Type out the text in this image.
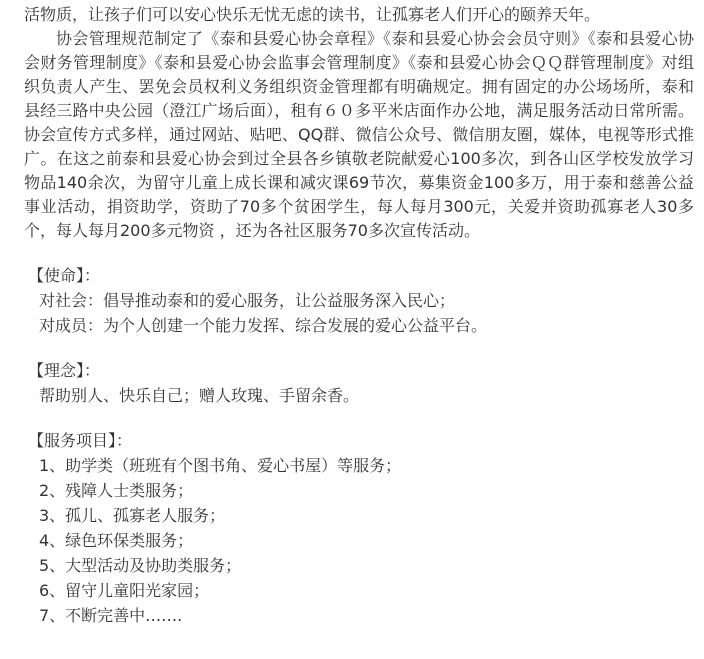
活物质，让孩子们可以安心快乐无忧无虑的读书，让孤寡老人们开心的颐养天年。

协会管理规范制定了《泰和县爱心协会章程》《泰和县爱心协会会员守则》《泰和县爱心协会财务管理制度》《泰和县爱心协会监事会管理制度》《泰和县爱心协会ＱＱ群管理制度》对组织负责人产生、罢免会员权利义务组织资金管理都有明确规定。拥有固定的办公场场所，泰和县经三路中央公园（澄江广场后面），租有６０多平米店面作办公地，满足服务活动日常所需。协会宣传方式多样，通过网站、贴吧、QQ群、微信公众号、微信朋友圈，媒体，电视等形式推广。在这之前泰和县爱心协会到过全县各乡镇敬老院献爱心100多次，到各山区学校发放学习物品140余次，为留守儿童上成长课和减灾课69节次，募集资金100多万，用于泰和慈善公益事业活动，捐资助学，资助了70多个贫困学生，每人每月300元，关爱并资助孤寡老人30多个，每人每月200多元物资 ，还为各社区服务70多次宣传活动。

【使命】：

对社会：倡导推动泰和的爱心服务，让公益服务深入民心；

对成员：为个人创建一个能力发挥、综合发展的爱心公益平台。

【理念】：

帮助别人、快乐自己；赠人玫瑰、手留余香。

【服务项目】：

1、助学类（班班有个图书角、爱心书屋）等服务；

2、残障人士类服务；

3、孤儿、孤寡老人服务；

4、绿色环保类服务；

5、大型活动及协助类服务；

6、留守儿童阳光家园；

7、不断完善中…….
